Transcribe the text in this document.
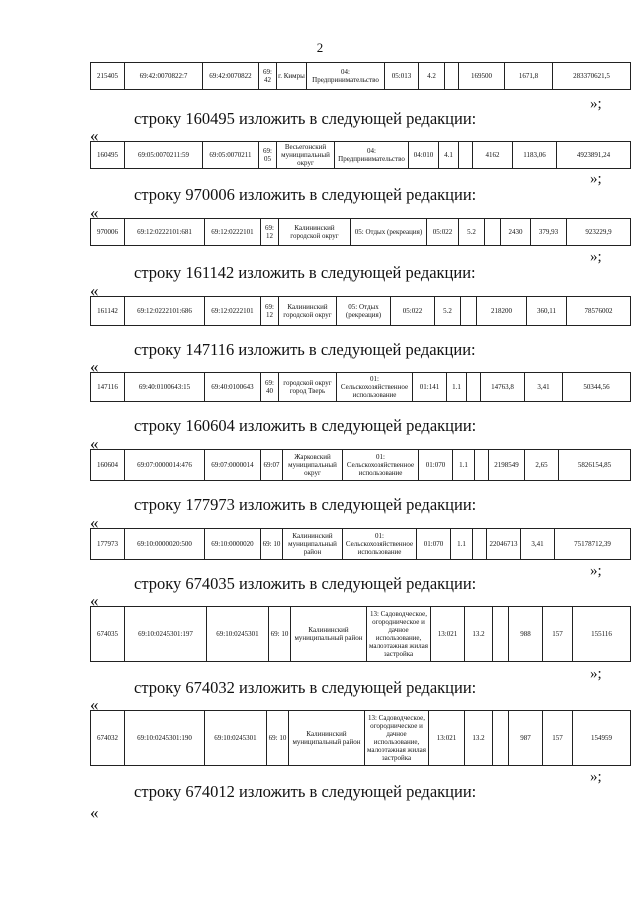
2
215405	69:42:0070822:7	69:42:0070822	69: 42	г. Кимры	04: Предпринимательство	05:013	4.2		169500	1671,8	283370621,5
»;
строку 160495 изложить в следующей редакции:
«
160495	69:05:0070211:59	69:05:0070211	69: 05	Весьегонский муниципальный округ	04: Предпринимательство	04:010	4.1		4162	1183,06	4923891,24
»;
строку 970006 изложить в следующей редакции:
«
970006	69:12:0222101:681	69:12:0222101	69: 12	Калининский городской округ	05: Отдых (рекреация)	05:022	5.2		2430	379,93	923229,9
»;
строку 161142 изложить в следующей редакции:
«
161142	69:12:0222101:686	69:12:0222101	69: 12	Калининский городской округ	05: Отдых (рекреация)	05:022	5.2		218200	360,11	78576002
строку 147116 изложить в следующей редакции:
«
147116	69:40:0100643:15	69:40:0100643	69: 40	городской округ город Тверь	01: Сельскохозяйственное использование	01:141	1.1		14763,8	3,41	50344,56
строку 160604 изложить в следующей редакции:
«
160604	69:07:0000014:476	69:07:0000014	69:07	Жарковский муниципальный округ	01: Сельскохозяйственное использование	01:070	1.1		2198549	2,65	5826154,85
строку 177973 изложить в следующей редакции:
«
177973	69:10:0000020:500	69:10:0000020	69: 10	Калининский муниципальный район	01: Сельскохозяйственное использование	01:070	1.1		22046713	3,41	75178712,39
»;
строку 674035 изложить в следующей редакции:
«
674035	69:10:0245301:197	69:10:0245301	69: 10	Калининский муниципальный район	13: Садоводческое, огородническое и дачное использование, малоэтажная жилая застройка	13:021	13.2		988	157	155116
»;
строку 674032 изложить в следующей редакции:
«
674032	69:10:0245301:190	69:10:0245301	69: 10	Калининский муниципальный район	13: Садоводческое, огородническое и дачное использование, малоэтажная жилая застройка	13:021	13.2		987	157	154959
»;
строку 674012 изложить в следующей редакции:
«
